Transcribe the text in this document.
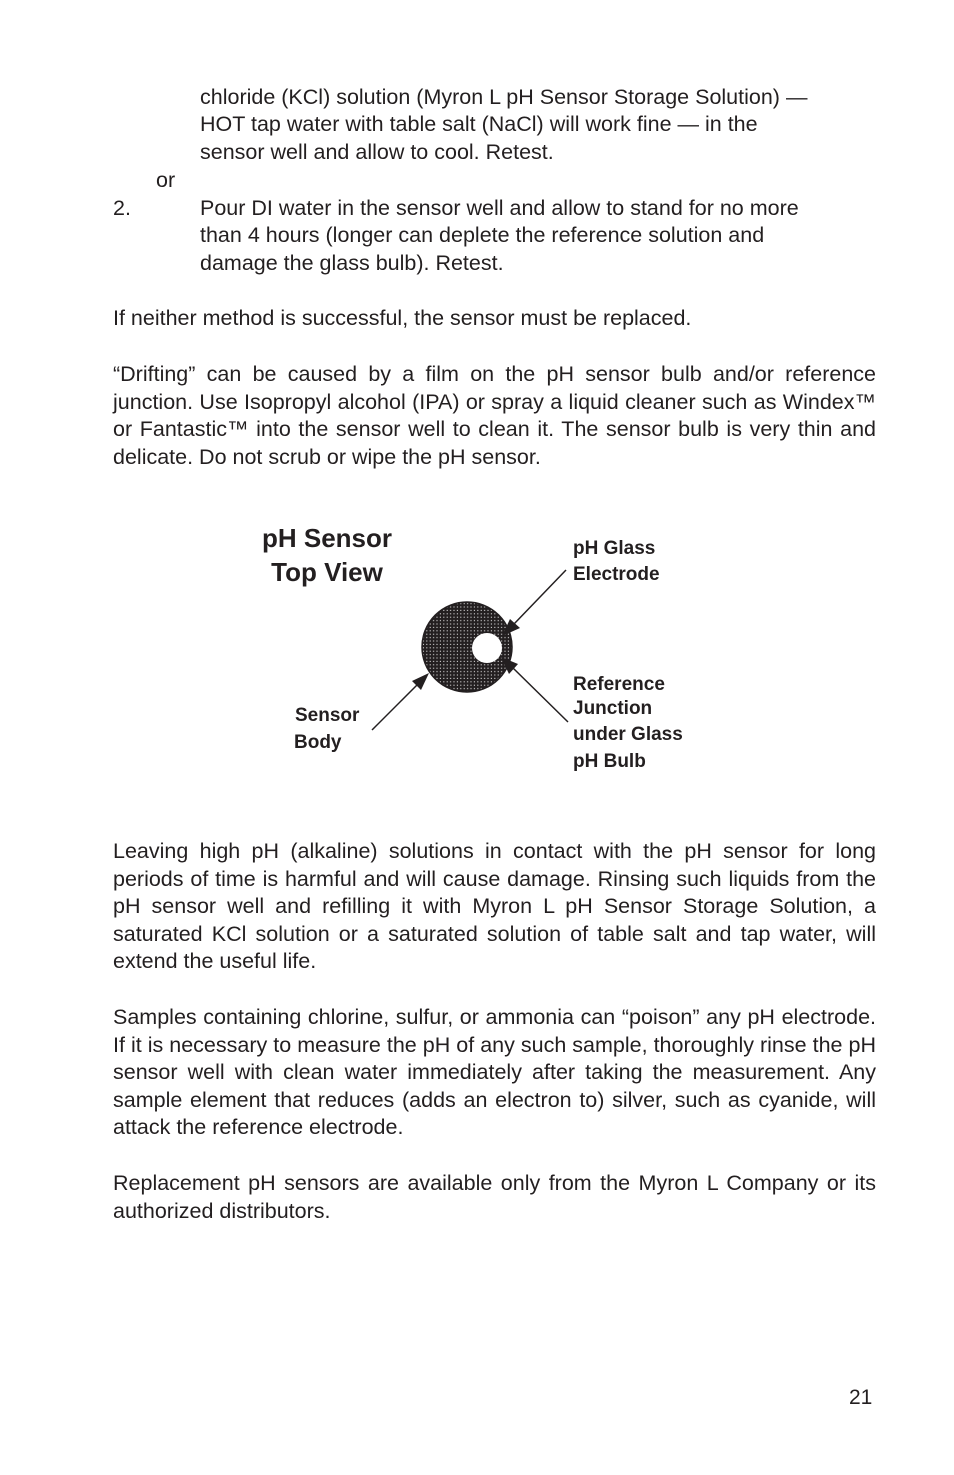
chloride (KCl) solution (Myron L pH Sensor Storage Solution) —
HOT tap water with table salt (NaCl) will work fine — in the
sensor well and allow to cool. Retest.
or
2.	Pour DI water in the sensor well and allow to stand for no more
than 4 hours (longer can deplete the reference solution and
damage the glass bulb). Retest.
If neither method is successful, the sensor must be replaced.
“Drifting” can be caused by a film on the pH sensor bulb and/or reference junction. Use Isopropyl alcohol (IPA) or spray a liquid cleaner such as Windex™ or Fantastic™ into the sensor well to clean it. The sensor bulb is very thin and delicate. Do not scrub or wipe the pH sensor.
pH Sensor
Top View
pH Glass
Electrode
Reference
Junction
under Glass
pH Bulb
Sensor
Body
Leaving high pH (alkaline) solutions in contact with the pH sensor for long periods of time is harmful and will cause damage. Rinsing such liquids from the pH sensor well and refilling it with Myron L pH Sensor Storage Solution, a saturated KCl solution or a saturated solution of table salt and tap water, will extend the useful life.
Samples containing chlorine, sulfur, or ammonia can “poison” any pH electrode. If it is necessary to measure the pH of any such sample, thoroughly rinse the pH sensor well with clean water immediately after taking the measurement. Any sample element that reduces (adds an electron to) silver, such as cyanide, will attack the reference electrode.
Replacement pH sensors are available only from the Myron L Company or its authorized distributors.
21
